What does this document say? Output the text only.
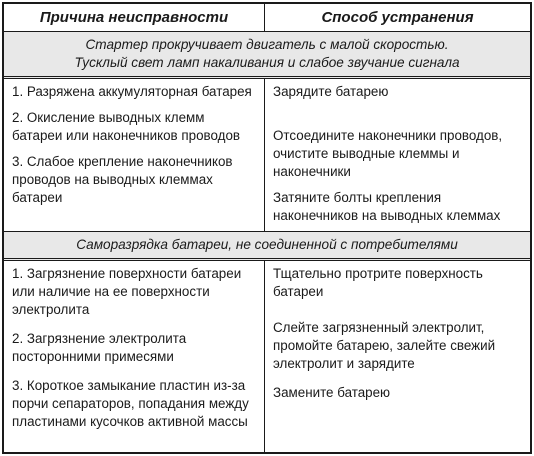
Причина неисправности	Способ устранения
Стартер прокручивает двигатель с малой скоростью.
Тусклый свет ламп накаливания и слабое звучание сигнала
1. Разряжена аккумуляторная батарея
2. Окисление выводных клемм батареи или наконечников проводов
3. Слабое крепление наконечников проводов на выводных клеммах батареи
Зарядите батарею
Отсоедините наконечники проводов, очистите выводные клеммы и наконечники
Затяните болты крепления наконечников на выводных клеммах
Саморазрядка батареи, не соединенной с потребителями
1. Загрязнение поверхности батареи или наличие на ее поверхности электролита
2. Загрязнение электролита посторонними примесями
3. Короткое замыкание пластин из-за порчи сепараторов, попадания между пластинами кусочков активной массы
Тщательно протрите поверхность батареи
Слейте загрязненный электролит, промойте батарею, залейте свежий электролит и зарядите
Замените батарею
